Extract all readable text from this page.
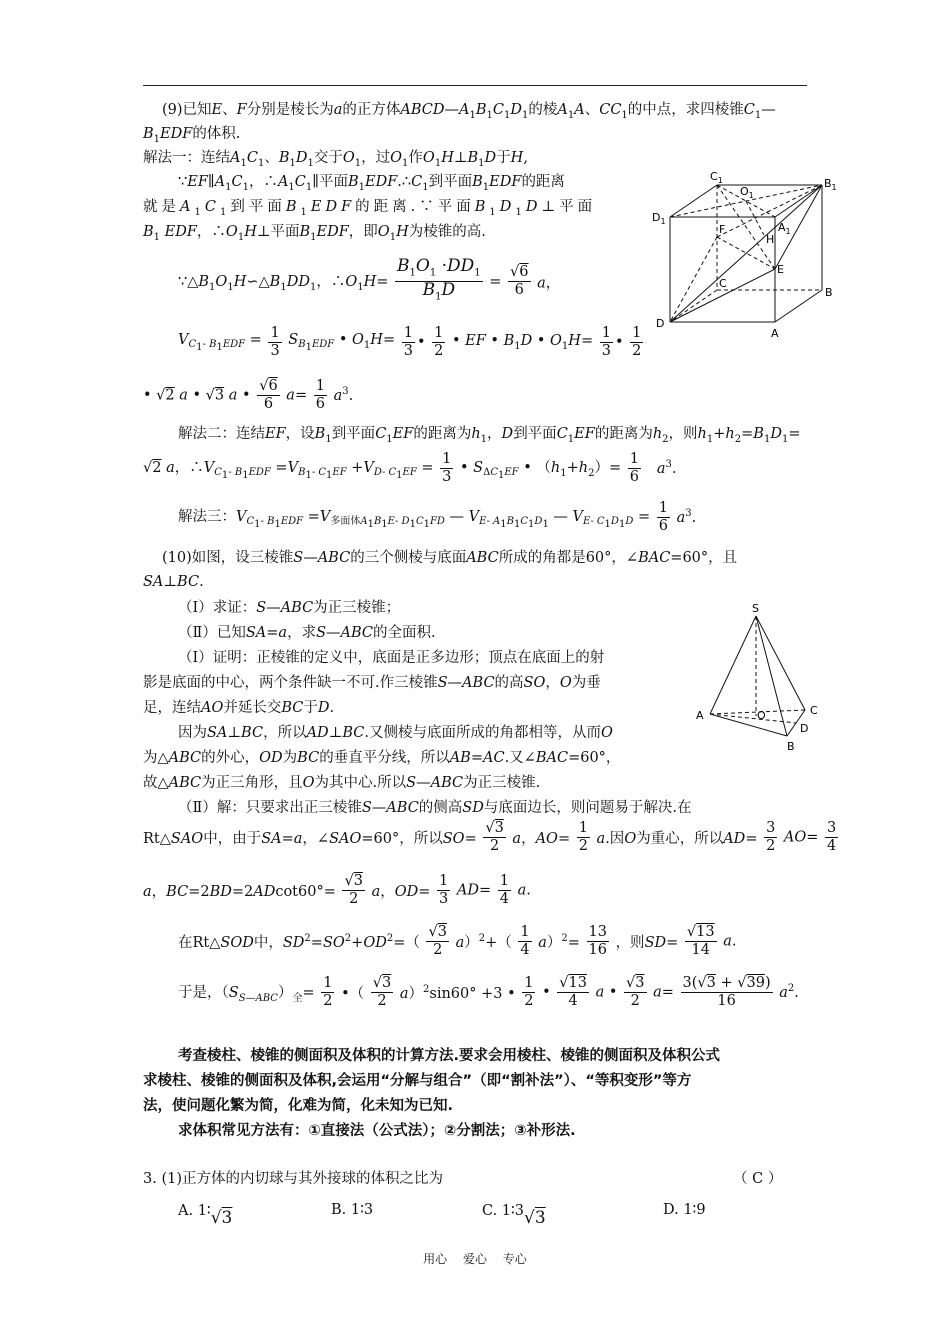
(9)已知E、F分别是棱长为a的正方体$ABCD—A_1B_1C_1D_1$的棱$A_1A$、$CC_1$的中点，求四棱锥$C_1—$
$B_1EDF$的体积.
解法一：连结$A_1C_1$、$B_1D_1$交于$O_1$，过$O_1$作$O_1H\perp B_1D$于H,
$\because EF\parallel A_1C_1$，$\therefore A_1C_1\parallel$平面$B_1EDF.\therefore C_1$到平面$B_1EDF$的距离
就是$A_1C_1$到平面$B_1EDF$的距离.∵平面$B_1D_1D\perp$平面
$B_1$ EDF，$\therefore O_1H\perp$平面$B_1EDF$，即$O_1H$为棱锥的高.
$\because\triangle B_1O_1H∽\triangle B_1DD_1$，$\therefore O_1H= \frac{B_1O_1 \cdot DD_1}{B_1D} = \frac{√6}{6}$ a，
$V_{C_1- B_1EDF} = \frac{1}{3} S_{B_1EDF}$ • $O_1H= \frac{1}{3}$ • $\frac{1}{2}$ • EF • $B_1D$ • $O_1H= \frac{1}{3}$ • $\frac{1}{2}$
• √2 a • √3 a • $\frac{√6}{6} a= \frac{1}{6} a^3$.
解法二：连结EF，设$B_1$到平面$C_1EF$的距离为$h_1$，D到平面$C_1EF$的距离为$h_2$，则$h_1+h_2=B_1D_1=$
√2 a，$\therefore V_{C_1- B_1EDF} =V_{B_1- C_1EF} +V_{D- C_1EF} = \frac{1}{3}$ • $S_{\Delta C_1EF}$ • $(h_1+h_2)= \frac{1}{6} a^3$.
解法三：$V_{C_1- B_1EDF} =V_{多面体A_1B_1E- D_1C_1FD}$ — $V_{E- A_1B_1C_1D_1}$ — $V_{E- C_1D_1D} = \frac{1}{6} a^3$.
$C_1$
$O_1$
$B_1$
$D_1$	$A_1$
F
H
E
C
B
D
A
(10)如图，设三棱锥S—ABC的三个侧棱与底面ABC所成的角都是60°，∠BAC=60°，且
SA⊥BC.
（Ⅰ）求证：S—ABC为正三棱锥；
（Ⅱ）已知SA=a，求S—ABC的全面积.
（Ⅰ）证明：正棱锥的定义中，底面是正多边形；顶点在底面上的射
影是底面的中心，两个条件缺一不可.作三棱锥S—ABC的高SO，O为垂
足，连结AO并延长交BC于D.
因为SA⊥BC，所以AD⊥BC.又侧棱与底面所成的角都相等，从而O
为△ABC的外心，OD为BC的垂直平分线，所以AB=AC.又∠BAC=60°，
故△ABC为正三角形，且O为其中心.所以S—ABC为正三棱锥.
S
A	O	C
D
B
（Ⅱ）解：只要求出正三棱锥S—ABC的侧高SD与底面边长，则问题易于解决.在
Rt△SAO中，由于SA=a，∠SAO=60°，所以$SO= \frac{√3}{2}$ a，$AO= \frac{1}{2} a$.因O为重心，所以$AD= \frac{3}{2} AO= \frac{3}{4}$
a，$BC=2BD=2ADcot60^\circ= \frac{√3}{2}$ a，$OD= \frac{1}{3} AD= \frac{1}{4} a$.
在Rt△SOD中，$SD^2=SO^2+OD^2=( \frac{√3}{2} a)^2+( \frac{1}{4} a)^2= \frac{13}{16}$ ，则$SD= \frac{√13}{14} a$.
于是，$(S_{S—ABC})_全= \frac{1}{2}$ •（ $\frac{√3}{2} a)^2\sin 60^\circ +3$ • $\frac{1}{2}$ • $\frac{√13}{4}$ a • $\frac{√3}{2} a= \frac{3(√3 + √39)}{16} a^2$.
考查棱柱、棱锥的侧面积及体积的计算方法.要求会用棱柱、棱锥的侧面积及体积公式
求棱柱、棱锥的侧面积及体积,会运用“分解与组合”（即“割补法”）、“等积变形”等方
法，使问题化繁为简，化难为简，化未知为已知.
求体积常见方法有：①直接法（公式法）；②分割法；③补形法.
3. (1)正方体的内切球与其外接球的体积之比为	（ C ）
A. 1∶√3	B. 1∶3	C. 1∶3√3	D. 1∶9
用心 爱心 专心
